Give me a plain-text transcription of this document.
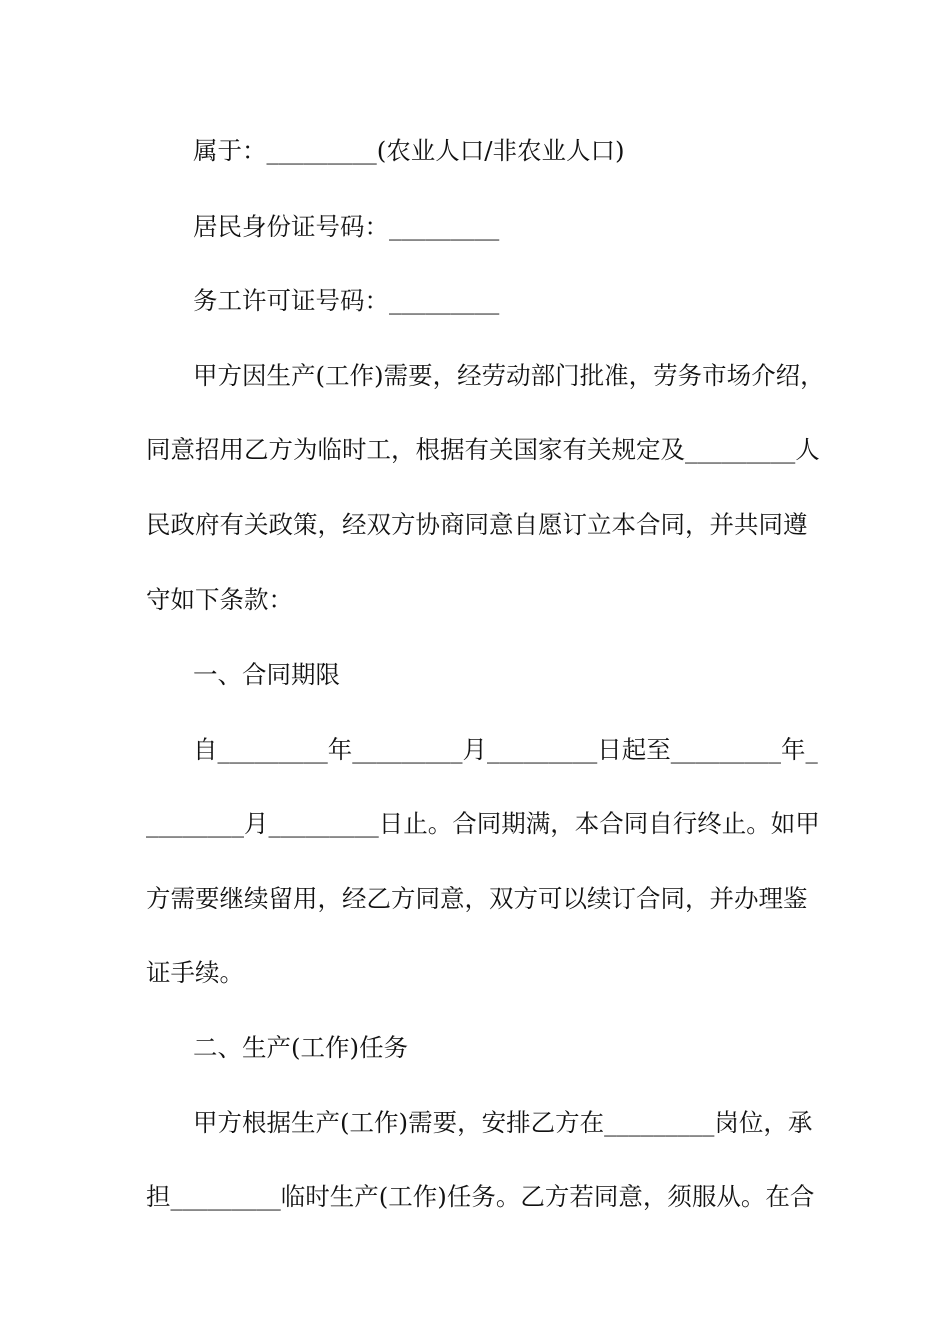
属于：_________(农业人口/非农业人口)
居民身份证号码：_________
务工许可证号码：_________
甲方因生产(工作)需要，经劳动部门批准，劳务市场介绍，
同意招用乙方为临时工，根据有关国家有关规定及_________人
民政府有关政策，经双方协商同意自愿订立本合同，并共同遵
守如下条款：
一、合同期限
自_________年_________月_________日起至_________年_
________月_________日止。合同期满，本合同自行终止。如甲
方需要继续留用，经乙方同意，双方可以续订合同，并办理鉴
证手续。
二、生产(工作)任务
甲方根据生产(工作)需要，安排乙方在_________岗位，承
担_________临时生产(工作)任务。乙方若同意，须服从。在合
